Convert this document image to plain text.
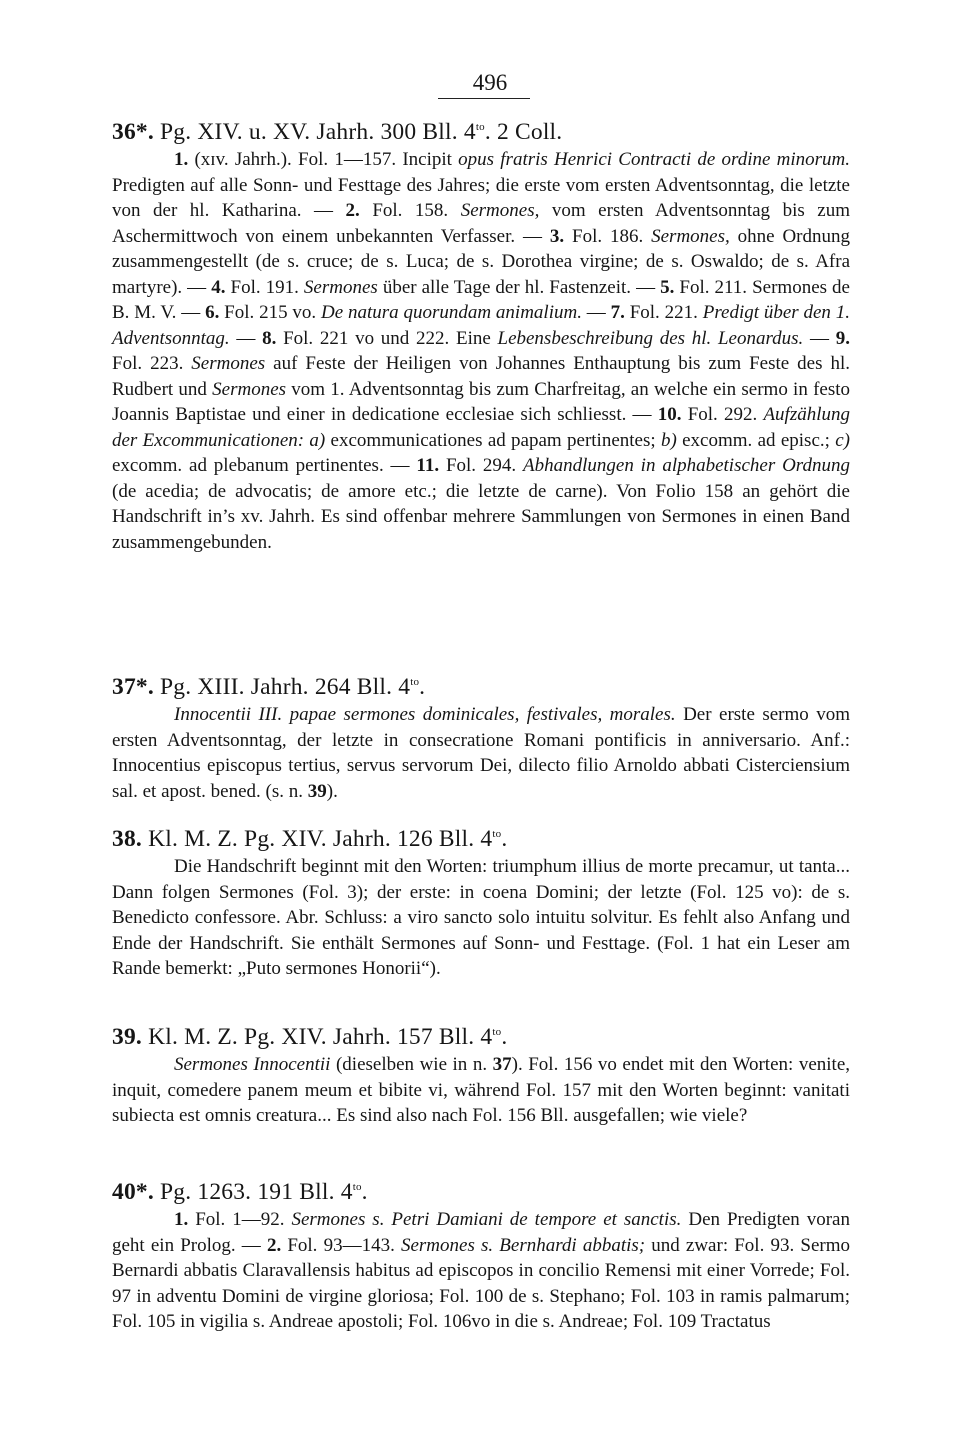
496
36*. Pg. XIV. u. XV. Jahrh. 300 Bll. $4^{to}$. 2 Coll.

1. (xɪv. Jahrh.). Fol. 1—157. Incipit opus fratris Henrici Contracti de ordine minorum. Predigten auf alle Sonn- und Festtage des Jahres; die erste vom ersten Adventsonntag, die letzte von der hl. Katharina. — 2. Fol. 158. Sermones, vom ersten Adventsonntag bis zum Aschermittwoch von einem unbekannten Verfasser. — 3. Fol. 186. Sermones, ohne Ordnung zusammengestellt (de s. cruce; de s. Luca; de s. Dorothea virgine; de s. Oswaldo; de s. Afra martyre). — 4. Fol. 191. Sermones über alle Tage der hl. Fastenzeit. — 5. Fol. 211. Sermones de B. M. V. — 6. Fol. 215 vo. De natura quorundam animalium. — 7. Fol. 221. Predigt über den 1. Adventsonntag. — 8. Fol. 221 vo und 222. Eine Lebensbeschreibung des hl. Leonardus. — 9. Fol. 223. Sermones auf Feste der Heiligen von Johannes Enthauptung bis zum Feste des hl. Rudbert und Sermones vom 1. Adventsonntag bis zum Charfreitag, an welche ein sermo in festo Joannis Baptistae und einer in dedicatione ecclesiae sich schliesst. — 10. Fol. 292. Aufzählung der Excommunicationen: a) excommunicationes ad papam pertinentes; b) excomm. ad episc.; c) excomm. ad plebanum pertinentes. — 11. Fol. 294. Abhandlungen in alphabetischer Ordnung (de acedia; de advocatis; de amore etc.; die letzte de carne). Von Folio 158 an gehört die Handschrift in’s xv. Jahrh. Es sind offenbar mehrere Sammlungen von Sermones in einen Band zusammengebunden.

37*. Pg. XIII. Jahrh. 264 Bll. $4^{to}$.

Innocentii III. papae sermones dominicales, festivales, morales. Der erste sermo vom ersten Adventsonntag, der letzte in consecratione Romani pontificis in anniversario. Anf.: Innocentius episcopus tertius, servus servorum Dei, dilecto filio Arnoldo abbati Cisterciensium sal. et apost. bened. (s. n. 39).

38. Kl. M. Z. Pg. XIV. Jahrh. 126 Bll. $4^{to}$.

Die Handschrift beginnt mit den Worten: triumphum illius de morte precamur, ut tanta... Dann folgen Sermones (Fol. 3); der erste: in coena Domini; der letzte (Fol. 125 vo): de s. Benedicto confessore. Abr. Schluss: a viro sancto solo intuitu solvitur. Es fehlt also Anfang und Ende der Handschrift. Sie enthält Sermones auf Sonn- und Festtage. (Fol. 1 hat ein Leser am Rande bemerkt: „Puto sermones Honorii“).

39. Kl. M. Z. Pg. XIV. Jahrh. 157 Bll. $4^{to}$.

Sermones Innocentii (dieselben wie in n. 37). Fol. 156 vo endet mit den Worten: venite, inquit, comedere panem meum et bibite vi, während Fol. 157 mit den Worten beginnt: vanitati subiecta est omnis creatura... Es sind also nach Fol. 156 Bll. ausgefallen; wie viele?

40*. Pg. 1263. 191 Bll. $4^{to}$.

1. Fol. 1—92. Sermones s. Petri Damiani de tempore et sanctis. Den Predigten voran geht ein Prolog. — 2. Fol. 93—143. Sermones s. Bernhardi abbatis; und zwar: Fol. 93. Sermo Bernardi abbatis Claravallensis habitus ad episcopos in concilio Remensi mit einer Vorrede; Fol. 97 in adventu Domini de virgine gloriosa; Fol. 100 de s. Stephano; Fol. 103 in ramis palmarum; Fol. 105 in vigilia s. Andreae apostoli; Fol. 106vo in die s. Andreae; Fol. 109 Tractatus
